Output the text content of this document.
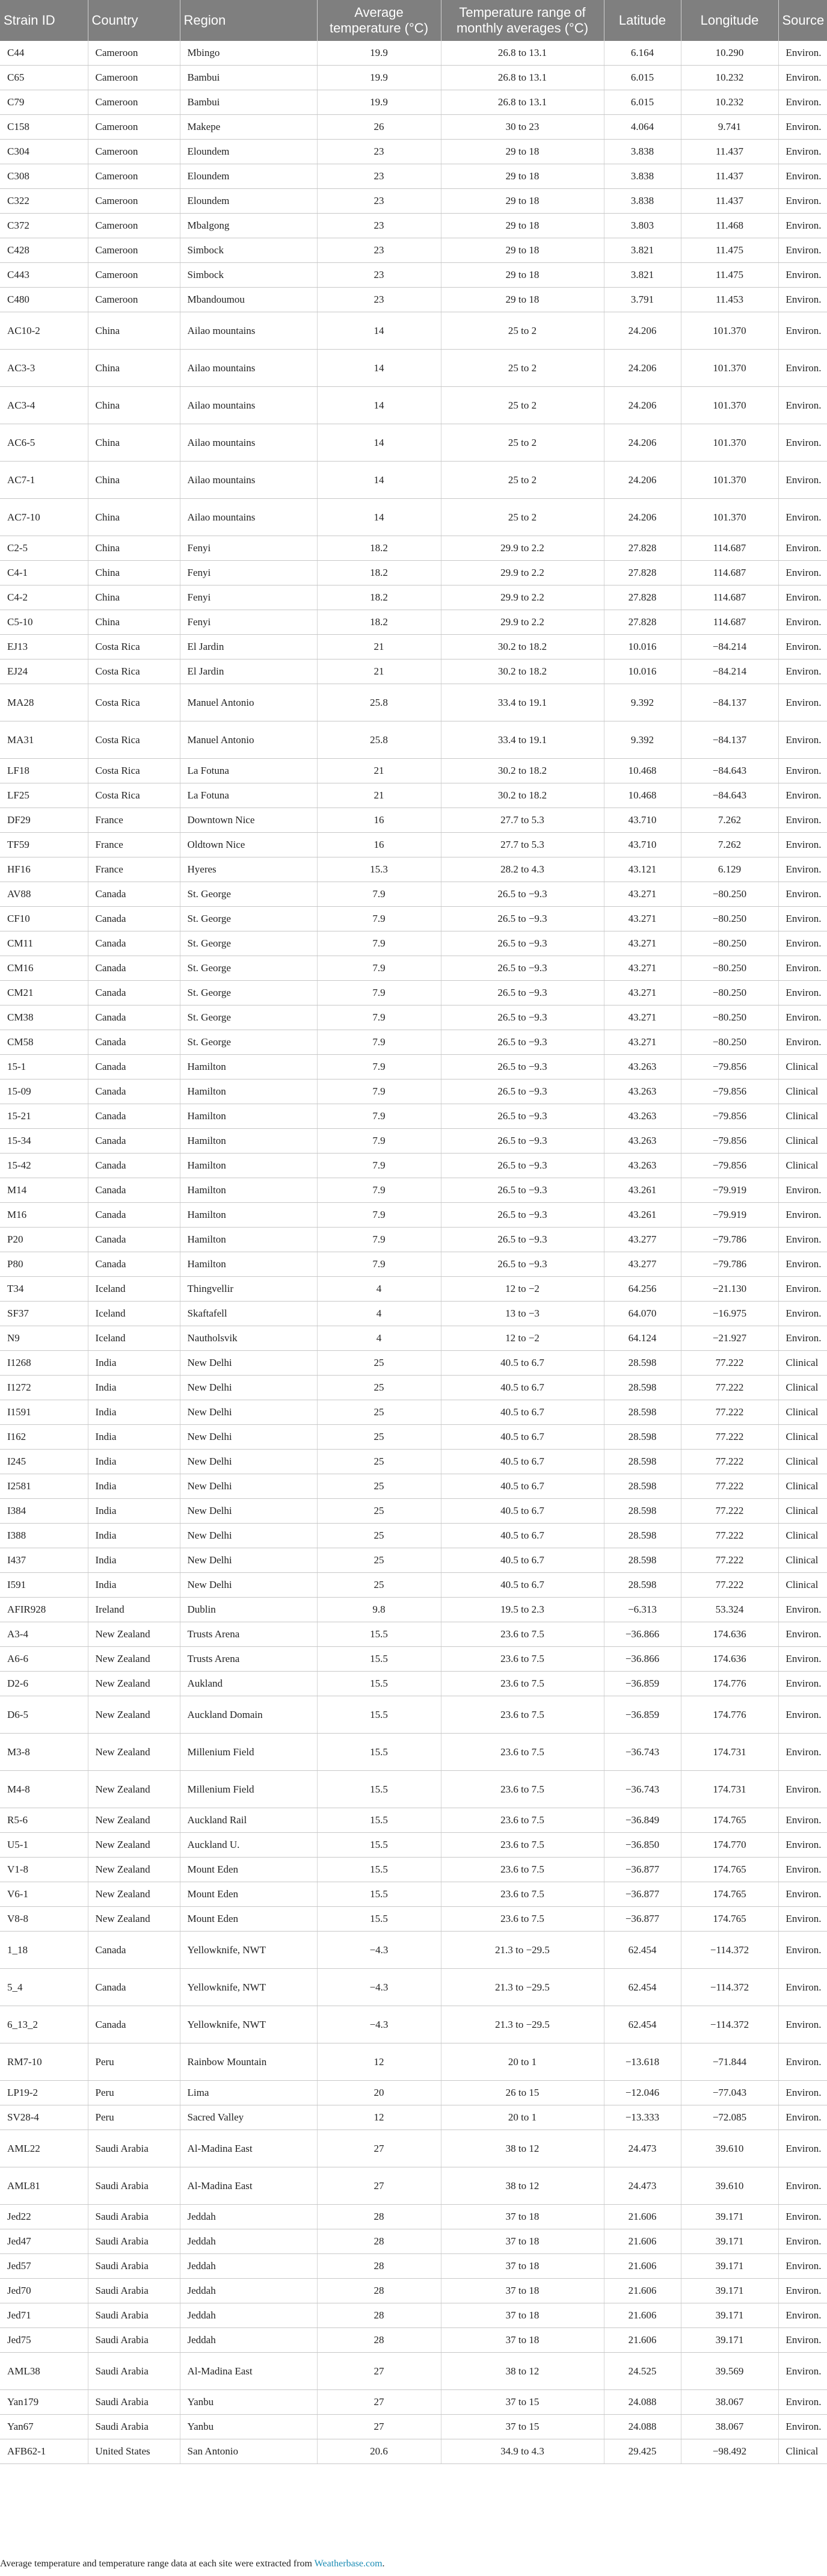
Strain ID	Country	Region	Average temperature (°C)	Temperature range of monthly averages (°C)	Latitude	Longitude	Source
C44	Cameroon	Mbingo	19.9	26.8 to 13.1	6.164	10.290	Environ.
C65	Cameroon	Bambui	19.9	26.8 to 13.1	6.015	10.232	Environ.
C79	Cameroon	Bambui	19.9	26.8 to 13.1	6.015	10.232	Environ.
C158	Cameroon	Makepe	26	30 to 23	4.064	9.741	Environ.
C304	Cameroon	Eloundem	23	29 to 18	3.838	11.437	Environ.
C308	Cameroon	Eloundem	23	29 to 18	3.838	11.437	Environ.
C322	Cameroon	Eloundem	23	29 to 18	3.838	11.437	Environ.
C372	Cameroon	Mbalgong	23	29 to 18	3.803	11.468	Environ.
C428	Cameroon	Simbock	23	29 to 18	3.821	11.475	Environ.
C443	Cameroon	Simbock	23	29 to 18	3.821	11.475	Environ.
C480	Cameroon	Mbandoumou	23	29 to 18	3.791	11.453	Environ.
AC10-2	China	Ailao mountains	14	25 to 2	24.206	101.370	Environ.
AC3-3	China	Ailao mountains	14	25 to 2	24.206	101.370	Environ.
AC3-4	China	Ailao mountains	14	25 to 2	24.206	101.370	Environ.
AC6-5	China	Ailao mountains	14	25 to 2	24.206	101.370	Environ.
AC7-1	China	Ailao mountains	14	25 to 2	24.206	101.370	Environ.
AC7-10	China	Ailao mountains	14	25 to 2	24.206	101.370	Environ.
C2-5	China	Fenyi	18.2	29.9 to 2.2	27.828	114.687	Environ.
C4-1	China	Fenyi	18.2	29.9 to 2.2	27.828	114.687	Environ.
C4-2	China	Fenyi	18.2	29.9 to 2.2	27.828	114.687	Environ.
C5-10	China	Fenyi	18.2	29.9 to 2.2	27.828	114.687	Environ.
EJ13	Costa Rica	El Jardin	21	30.2 to 18.2	10.016	−84.214	Environ.
EJ24	Costa Rica	El Jardin	21	30.2 to 18.2	10.016	−84.214	Environ.
MA28	Costa Rica	Manuel Antonio	25.8	33.4 to 19.1	9.392	−84.137	Environ.
MA31	Costa Rica	Manuel Antonio	25.8	33.4 to 19.1	9.392	−84.137	Environ.
LF18	Costa Rica	La Fotuna	21	30.2 to 18.2	10.468	−84.643	Environ.
LF25	Costa Rica	La Fotuna	21	30.2 to 18.2	10.468	−84.643	Environ.
DF29	France	Downtown Nice	16	27.7 to 5.3	43.710	7.262	Environ.
TF59	France	Oldtown Nice	16	27.7 to 5.3	43.710	7.262	Environ.
HF16	France	Hyeres	15.3	28.2 to 4.3	43.121	6.129	Environ.
AV88	Canada	St. George	7.9	26.5 to −9.3	43.271	−80.250	Environ.
CF10	Canada	St. George	7.9	26.5 to −9.3	43.271	−80.250	Environ.
CM11	Canada	St. George	7.9	26.5 to −9.3	43.271	−80.250	Environ.
CM16	Canada	St. George	7.9	26.5 to −9.3	43.271	−80.250	Environ.
CM21	Canada	St. George	7.9	26.5 to −9.3	43.271	−80.250	Environ.
CM38	Canada	St. George	7.9	26.5 to −9.3	43.271	−80.250	Environ.
CM58	Canada	St. George	7.9	26.5 to −9.3	43.271	−80.250	Environ.
15-1	Canada	Hamilton	7.9	26.5 to −9.3	43.263	−79.856	Clinical
15-09	Canada	Hamilton	7.9	26.5 to −9.3	43.263	−79.856	Clinical
15-21	Canada	Hamilton	7.9	26.5 to −9.3	43.263	−79.856	Clinical
15-34	Canada	Hamilton	7.9	26.5 to −9.3	43.263	−79.856	Clinical
15-42	Canada	Hamilton	7.9	26.5 to −9.3	43.263	−79.856	Clinical
M14	Canada	Hamilton	7.9	26.5 to −9.3	43.261	−79.919	Environ.
M16	Canada	Hamilton	7.9	26.5 to −9.3	43.261	−79.919	Environ.
P20	Canada	Hamilton	7.9	26.5 to −9.3	43.277	−79.786	Environ.
P80	Canada	Hamilton	7.9	26.5 to −9.3	43.277	−79.786	Environ.
T34	Iceland	Thingvellir	4	12 to −2	64.256	−21.130	Environ.
SF37	Iceland	Skaftafell	4	13 to −3	64.070	−16.975	Environ.
N9	Iceland	Nautholsvik	4	12 to −2	64.124	−21.927	Environ.
I1268	India	New Delhi	25	40.5 to 6.7	28.598	77.222	Clinical
I1272	India	New Delhi	25	40.5 to 6.7	28.598	77.222	Clinical
I1591	India	New Delhi	25	40.5 to 6.7	28.598	77.222	Clinical
I162	India	New Delhi	25	40.5 to 6.7	28.598	77.222	Clinical
I245	India	New Delhi	25	40.5 to 6.7	28.598	77.222	Clinical
I2581	India	New Delhi	25	40.5 to 6.7	28.598	77.222	Clinical
I384	India	New Delhi	25	40.5 to 6.7	28.598	77.222	Clinical
I388	India	New Delhi	25	40.5 to 6.7	28.598	77.222	Clinical
I437	India	New Delhi	25	40.5 to 6.7	28.598	77.222	Clinical
I591	India	New Delhi	25	40.5 to 6.7	28.598	77.222	Clinical
AFIR928	Ireland	Dublin	9.8	19.5 to 2.3	−6.313	53.324	Environ.
A3-4	New Zealand	Trusts Arena	15.5	23.6 to 7.5	−36.866	174.636	Environ.
A6-6	New Zealand	Trusts Arena	15.5	23.6 to 7.5	−36.866	174.636	Environ.
D2-6	New Zealand	Aukland	15.5	23.6 to 7.5	−36.859	174.776	Environ.
D6-5	New Zealand	Auckland Domain	15.5	23.6 to 7.5	−36.859	174.776	Environ.
M3-8	New Zealand	Millenium Field	15.5	23.6 to 7.5	−36.743	174.731	Environ.
M4-8	New Zealand	Millenium Field	15.5	23.6 to 7.5	−36.743	174.731	Environ.
R5-6	New Zealand	Auckland Rail	15.5	23.6 to 7.5	−36.849	174.765	Environ.
U5-1	New Zealand	Auckland U.	15.5	23.6 to 7.5	−36.850	174.770	Environ.
V1-8	New Zealand	Mount Eden	15.5	23.6 to 7.5	−36.877	174.765	Environ.
V6-1	New Zealand	Mount Eden	15.5	23.6 to 7.5	−36.877	174.765	Environ.
V8-8	New Zealand	Mount Eden	15.5	23.6 to 7.5	−36.877	174.765	Environ.
1_18	Canada	Yellowknife, NWT	−4.3	21.3 to −29.5	62.454	−114.372	Environ.
5_4	Canada	Yellowknife, NWT	−4.3	21.3 to −29.5	62.454	−114.372	Environ.
6_13_2	Canada	Yellowknife, NWT	−4.3	21.3 to −29.5	62.454	−114.372	Environ.
RM7-10	Peru	Rainbow Mountain	12	20 to 1	−13.618	−71.844	Environ.
LP19-2	Peru	Lima	20	26 to 15	−12.046	−77.043	Environ.
SV28-4	Peru	Sacred Valley	12	20 to 1	−13.333	−72.085	Environ.
AML22	Saudi Arabia	Al-Madina East	27	38 to 12	24.473	39.610	Environ.
AML81	Saudi Arabia	Al-Madina East	27	38 to 12	24.473	39.610	Environ.
Jed22	Saudi Arabia	Jeddah	28	37 to 18	21.606	39.171	Environ.
Jed47	Saudi Arabia	Jeddah	28	37 to 18	21.606	39.171	Environ.
Jed57	Saudi Arabia	Jeddah	28	37 to 18	21.606	39.171	Environ.
Jed70	Saudi Arabia	Jeddah	28	37 to 18	21.606	39.171	Environ.
Jed71	Saudi Arabia	Jeddah	28	37 to 18	21.606	39.171	Environ.
Jed75	Saudi Arabia	Jeddah	28	37 to 18	21.606	39.171	Environ.
AML38	Saudi Arabia	Al-Madina East	27	38 to 12	24.525	39.569	Environ.
Yan179	Saudi Arabia	Yanbu	27	37 to 15	24.088	38.067	Environ.
Yan67	Saudi Arabia	Yanbu	27	37 to 15	24.088	38.067	Environ.
AFB62-1	United States	San Antonio	20.6	34.9 to 4.3	29.425	−98.492	Clinical
Average temperature and temperature range data at each site were extracted from Weatherbase.com.
